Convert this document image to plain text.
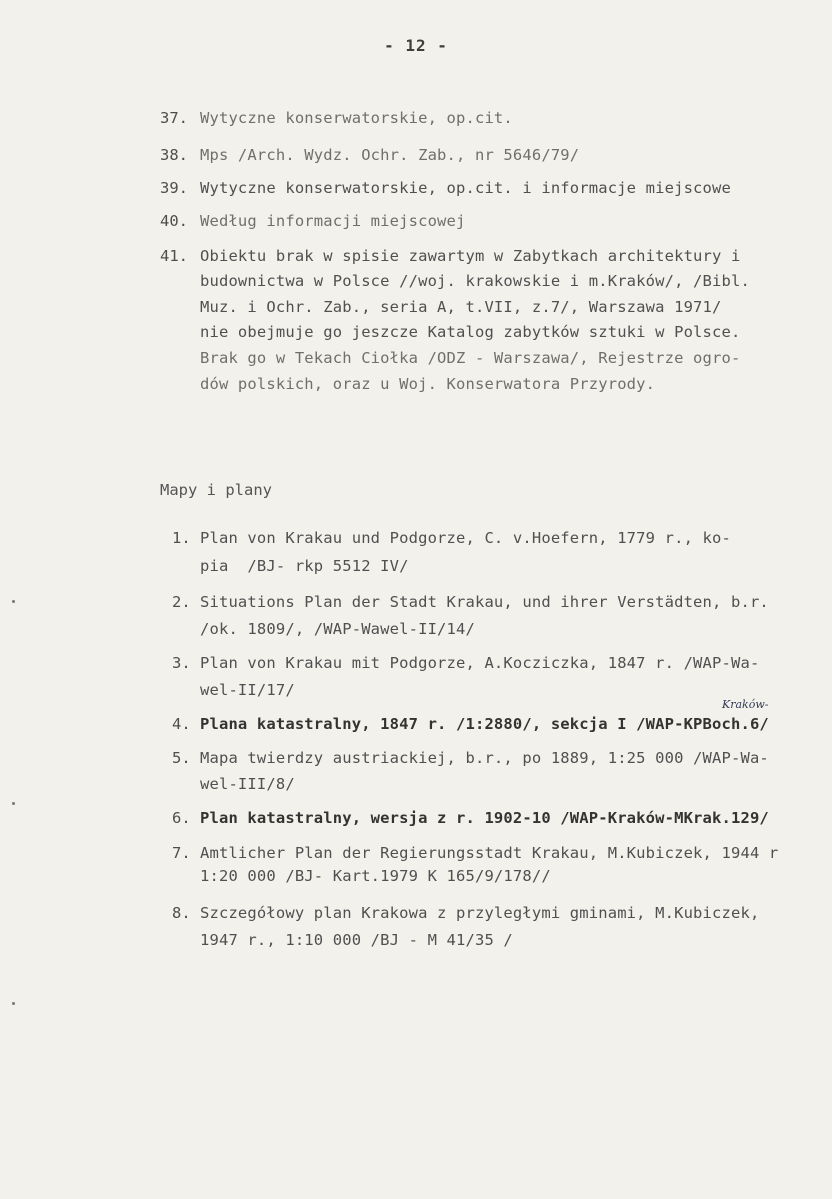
- 12 -
37. Wytyczne konserwatorskie, op.cit.
38. Mps /Arch. Wydz. Ochr. Zab., nr 5646/79/
39. Wytyczne konserwatorskie, op.cit. i informacje miejscowe
40. Według informacji miejscowej
41. Obiektu brak w spisie zawartym w Zabytkach architektury i
budownictwa w Polsce //woj. krakowskie i m.Kraków/, /Bibl.
Muz. i Ochr. Zab., seria A, t.VII, z.7/, Warszawa 1971/
nie obejmuje go jeszcze Katalog zabytków sztuki w Polsce.
Brak go w Tekach Ciołka /ODZ - Warszawa/, Rejestrze ogro-
dów polskich, oraz u Woj. Konserwatora Przyrody.
Mapy i plany
1. Plan von Krakau und Podgorze, C. v.Hoefern, 1779 r., ko-
pia  /BJ- rkp 5512 IV/
2. Situations Plan der Stadt Krakau, und ihrer Verstädten, b.r.
/ok. 1809/, /WAP-Wawel-II/14/
3. Plan von Krakau mit Podgorze, A.Kocziczka, 1847 r. /WAP-Wa-
wel-II/17/
Kraków-
4. Plana katastralny, 1847 r. /1:2880/, sekcja I /WAP-KPBoch.6/
5. Mapa twierdzy austriackiej, b.r., po 1889, 1:25 000 /WAP-Wa-
wel-III/8/
6. Plan katastralny, wersja z r. 1902-10 /WAP-Kraków-MKrak.129/
7. Amtlicher Plan der Regierungsstadt Krakau, M.Kubiczek, 1944 r
1:20 000 /BJ- Kart.1979 K 165/9/178//
8. Szczegółowy plan Krakowa z przyległymi gminami, M.Kubiczek,
1947 r., 1:10 000 /BJ - M 41/35 /
